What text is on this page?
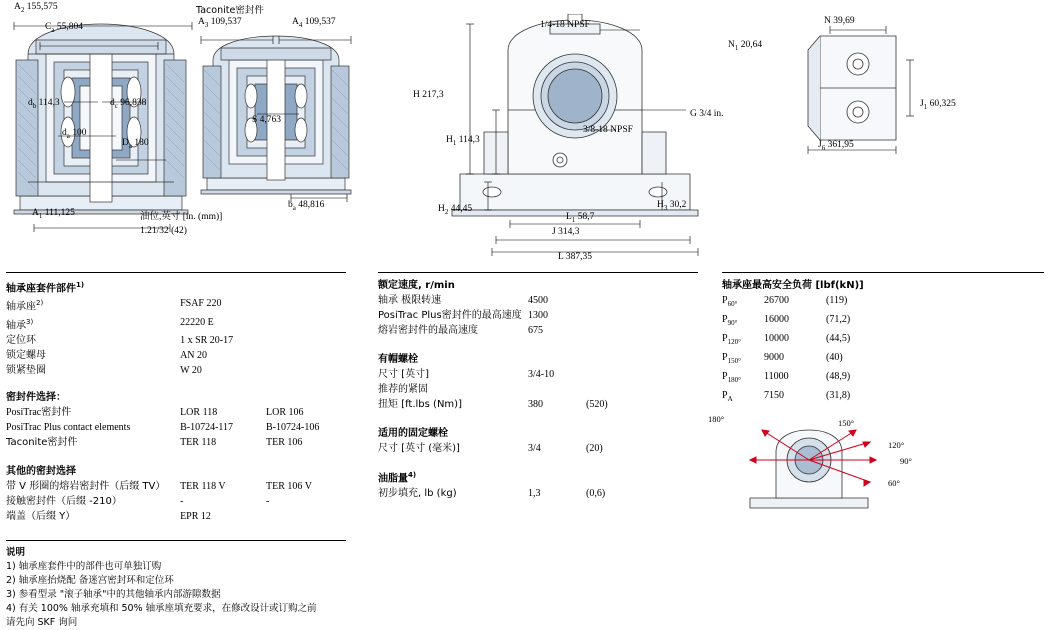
$A_2$ 155,575
$C_a$ 55,804
$d_b$ 114,3	$d_c$ 96,838
$d_a$ 100
$D_a$ 180
$A_1$ 111,125	油位,英寸 [in. (mm)]
1.21/32 (42)
Taconite密封件
$A_3$ 109,537	$A_4$ 109,537
S 4,763
$b_a$ 48,816
1/4-18 NPSF
H 217,3
$H_1$ 114,3
$H_2$ 44,45	$H_3$ 30,2
$L_1$ 58,7
J 314,3
L 387,35
G 3/4 in.
3/8-18 NPSF
N 39,69
$N_1$ 20,64
$J_1$ 60,325
$J_6$ 361,95
轴承座套件部件$^{1)}$		
轴承座$^{2)}$	FSAF 220	
轴承$^{3)}$	22220 E	
定位环	1 x SR 20-17	
锁定螺母	AN 20	
锁紧垫圈	W 20	

密封件选择：		
PosiTrac密封件	LOR 118	LOR 106
PosiTrac Plus contact elements	B-10724-117	B-10724-106
Taconite密封件	TER 118	TER 106

其他的密封选择		
带 V 形圈的熔岩密封件（后缀 TV）	TER 118 V	TER 106 V
接触密封件（后缀 -210）	-	-
端盖（后缀 Y）	EPR 12	
额定速度, r/min		
轴承 极限转速	4500	
PosiTrac Plus密封件的最高速度	1300	
熔岩密封件的最高速度	675	

有帽螺栓		
尺寸 [英寸]	3/4-10	
推荐的紧固		
扭矩 [ft.lbs (Nm)]	380	(520)

适用的固定螺栓		
尺寸 [英寸 (毫米)]	3/4	(20)

油脂量$^{4)}$		
初步填充, lb (kg)	1,3	(0,6)
轴承座最高安全负荷 [lbf(kN)]		
$P_{60^\circ}$	26700	(119)
$P_{90^\circ}$	16000	(71,2)
$P_{120^\circ}$	10000	(44,5)
$P_{150^\circ}$	9000	(40)
$P_{180^\circ}$	11000	(48,9)
$P_A$	7150	(31,8)
180°	150°
120°
90°
60°
说明
1) 轴承座套件中的部件也可单独订购
2) 轴承座抬烧配 备迷宫密封环和定位环
3) 参看型录 "滚子轴承"中的其他轴承内部游隙数据
4) 有关 100% 轴承充填和 50% 轴承座填充要求，在修改设计或订购之前
请先向 SKF 询问
